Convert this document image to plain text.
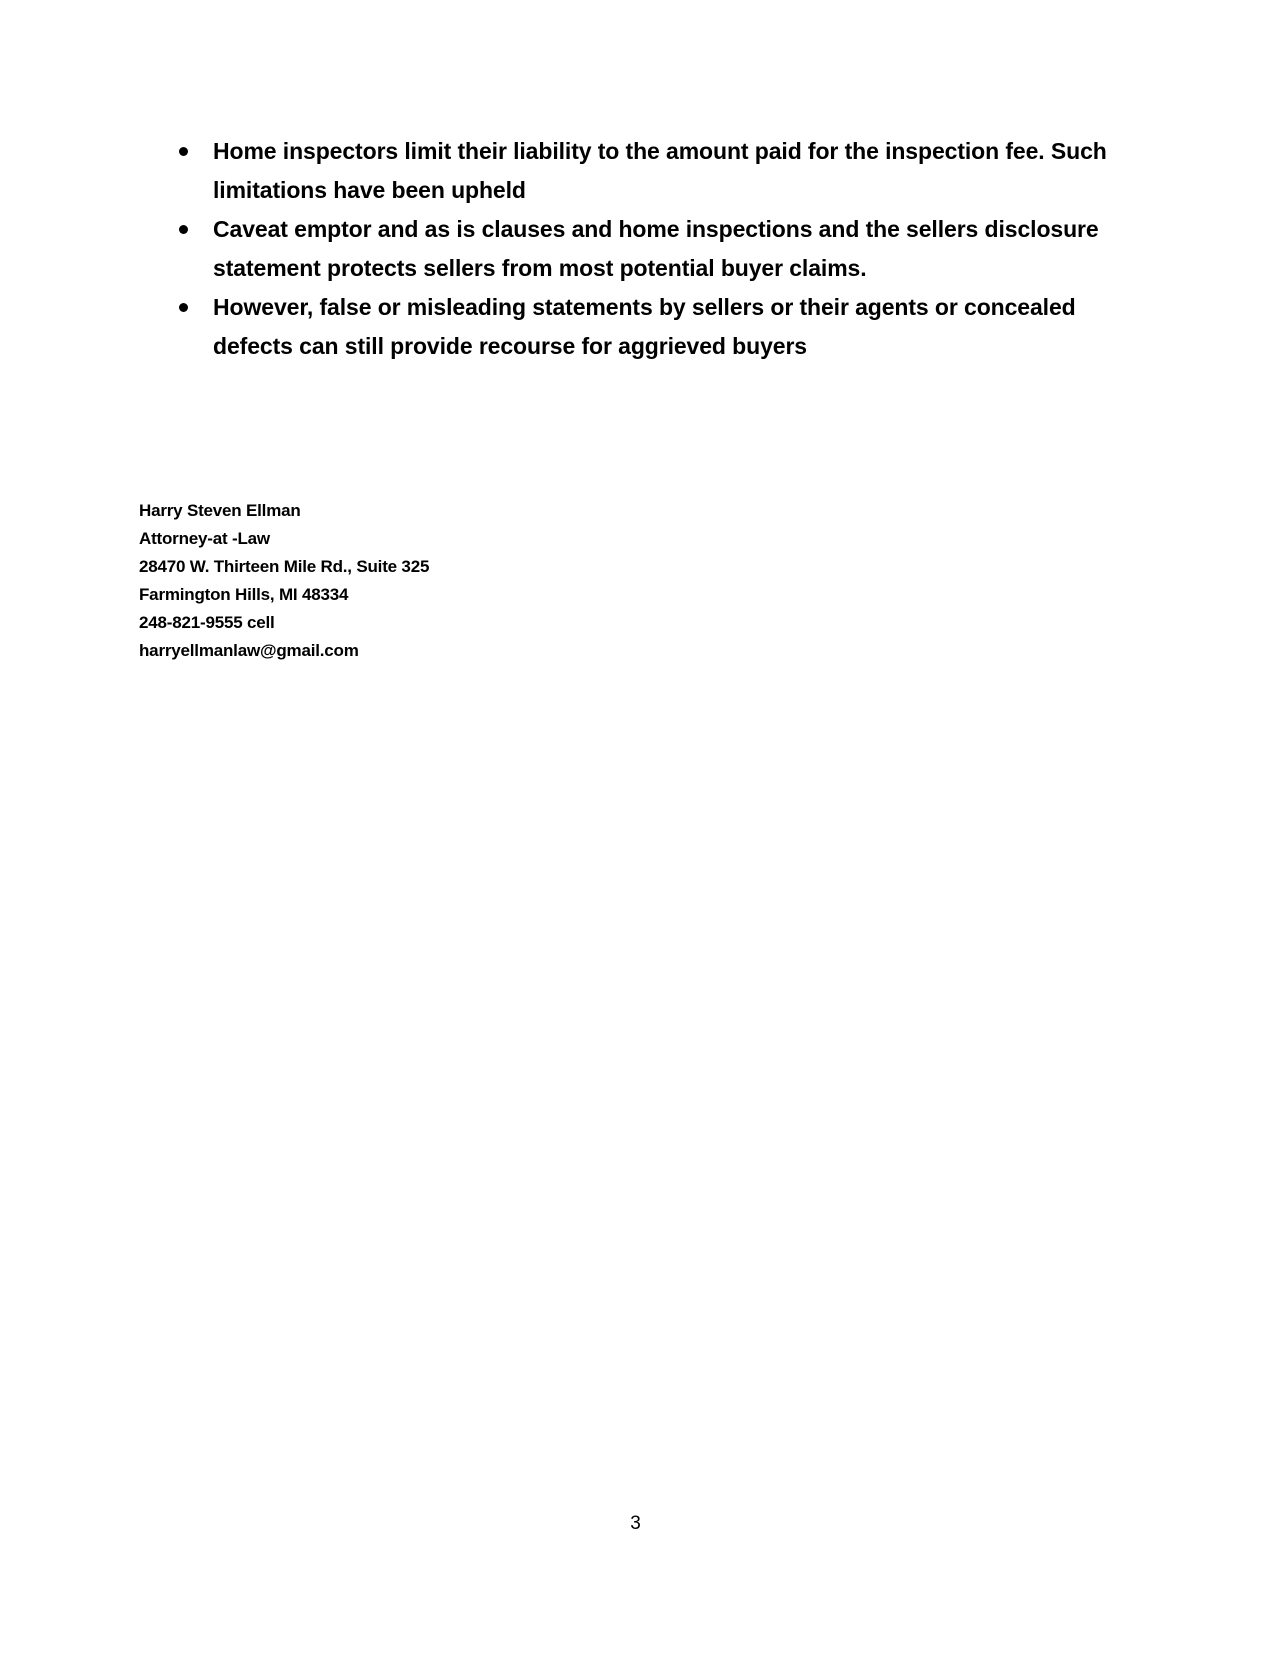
Home inspectors limit their liability to the amount paid for the inspection fee. Such limitations have been upheld
Caveat emptor and as is clauses and home inspections and the sellers disclosure statement protects sellers from most potential buyer claims.
However, false or misleading statements by sellers or their agents or concealed defects can still provide recourse for aggrieved buyers
Harry Steven Ellman
Attorney-at -Law
28470 W. Thirteen Mile Rd., Suite 325
Farmington Hills, MI 48334
248-821-9555 cell
harryellmanlaw@gmail.com
3
